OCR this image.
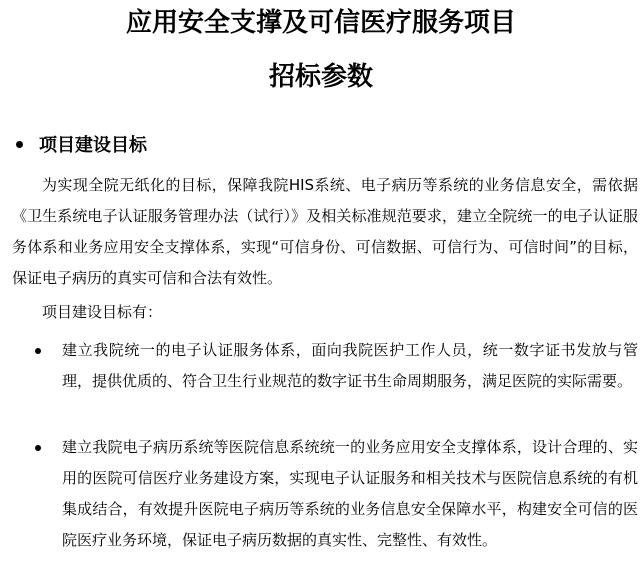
应用安全支撑及可信医疗服务项目
招标参数
项目建设目标

为实现全院无纸化的目标，保障我院HIS系统、电子病历等系统的业务信息安全，需依据《卫生系统电子认证服务管理办法（试行）》及相关标准规范要求，建立全院统一的电子认证服务体系和业务应用安全支撑体系，实现“可信身份、可信数据、可信行为、可信时间”的目标，保证电子病历的真实可信和合法有效性。

项目建设目标有：

建立我院统一的电子认证服务体系，面向我院医护工作人员，统一数字证书发放与管理，提供优质的、符合卫生行业规范的数字证书生命周期服务，满足医院的实际需要。
建立我院电子病历系统等医院信息系统统一的业务应用安全支撑体系，设计合理的、实用的医院可信医疗业务建设方案，实现电子认证服务和相关技术与医院信息系统的有机集成结合，有效提升医院电子病历等系统的业务信息安全保障水平，构建安全可信的医院医疗业务环境，保证电子病历数据的真实性、完整性、有效性。
